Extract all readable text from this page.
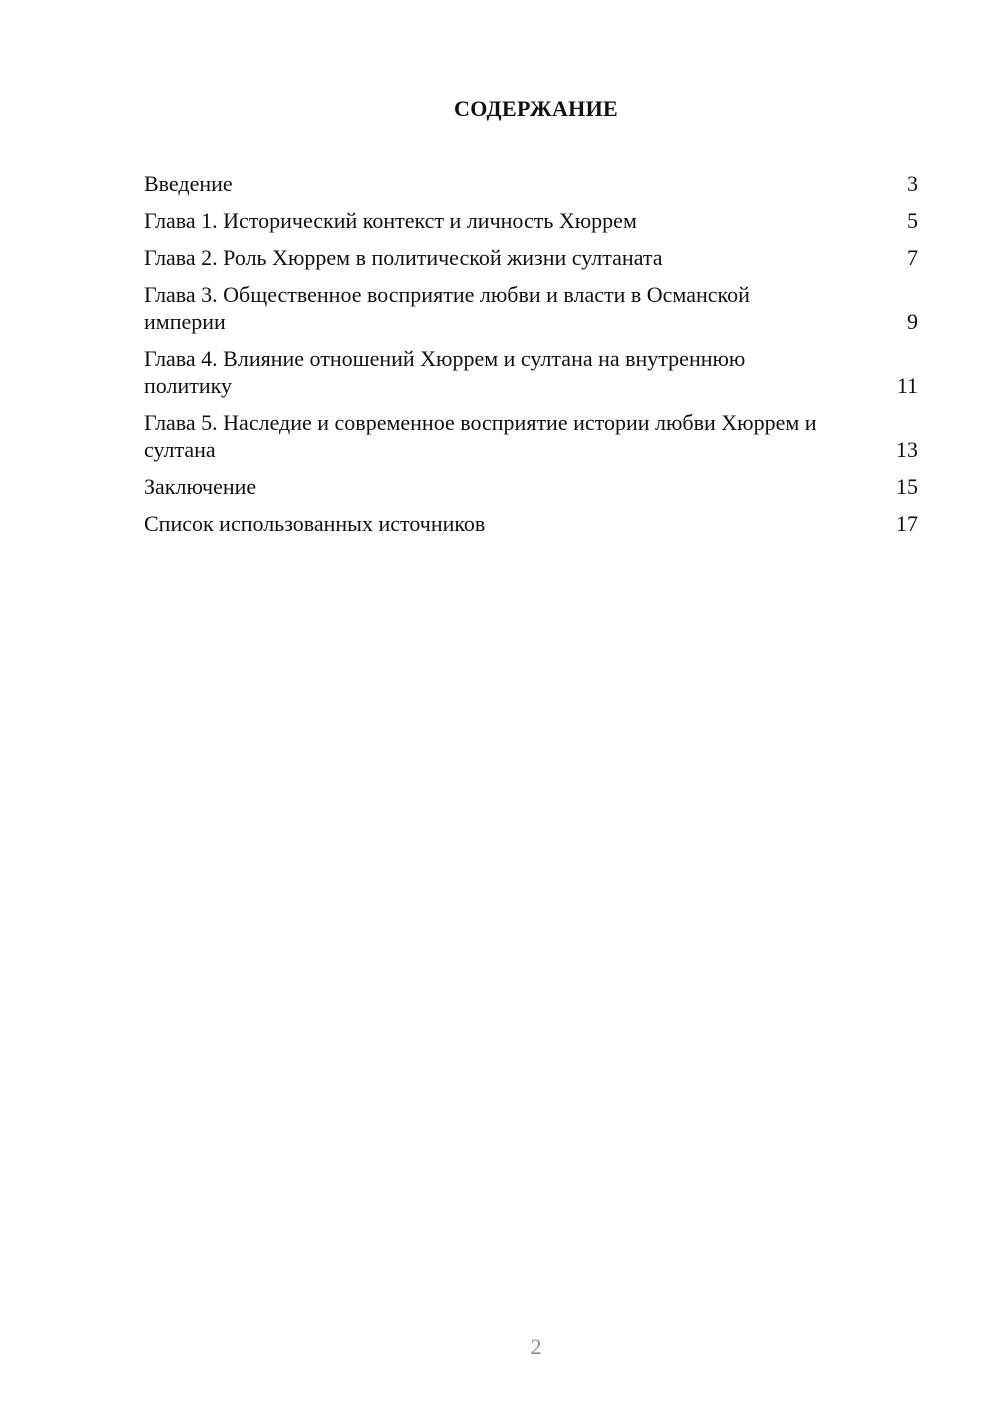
СОДЕРЖАНИЕ
Введение	3
Глава 1. Исторический контекст и личность Хюррем	5
Глава 2. Роль Хюррем в политической жизни султаната	7
Глава 3. Общественное восприятие любви и власти в Османской империи	9
Глава 4. Влияние отношений Хюррем и султана на внутреннюю политику	11
Глава 5. Наследие и современное восприятие истории любви Хюррем и султана	13
Заключение	15
Список использованных источников	17
2
